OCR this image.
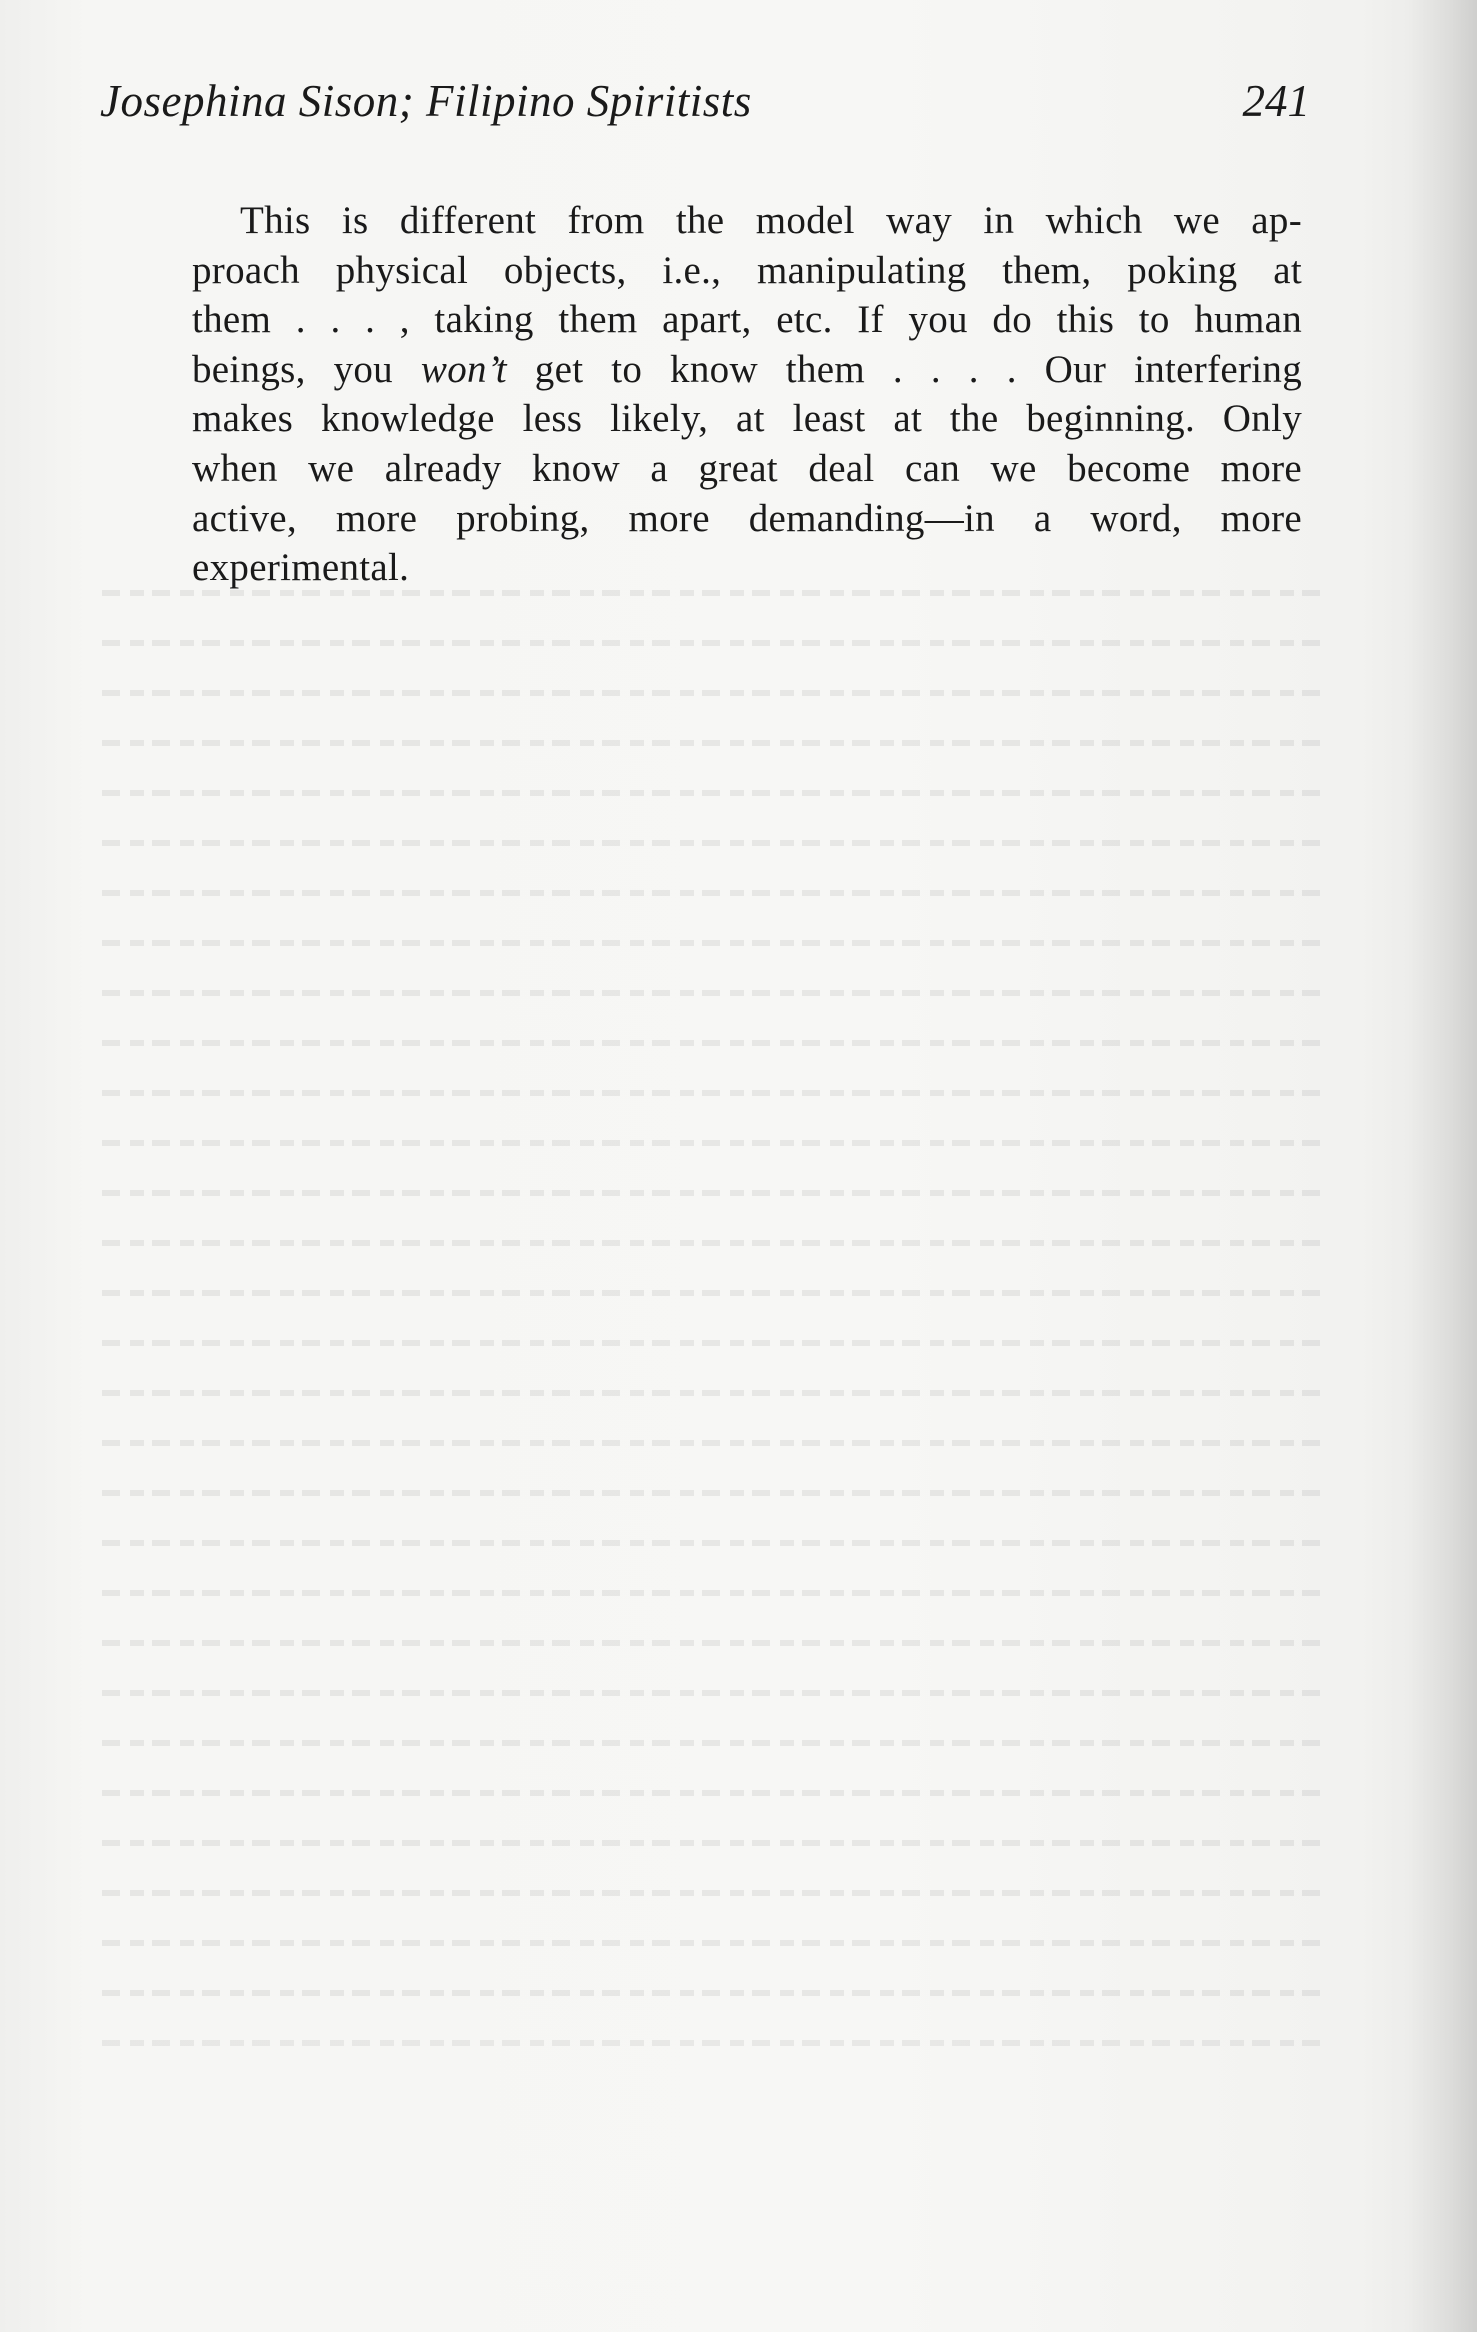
Josephina Sison; Filipino Spiritists	241
This is different from the model way in which we ap-
proach physical objects, i.e., manipulating them, poking at
them . . . , taking them apart, etc. If you do this to human
beings, you won’t get to know them . . . . Our interfering
makes knowledge less likely, at least at the beginning. Only
when we already know a great deal can we become more
active, more probing, more demanding—in a word, more
experimental.
